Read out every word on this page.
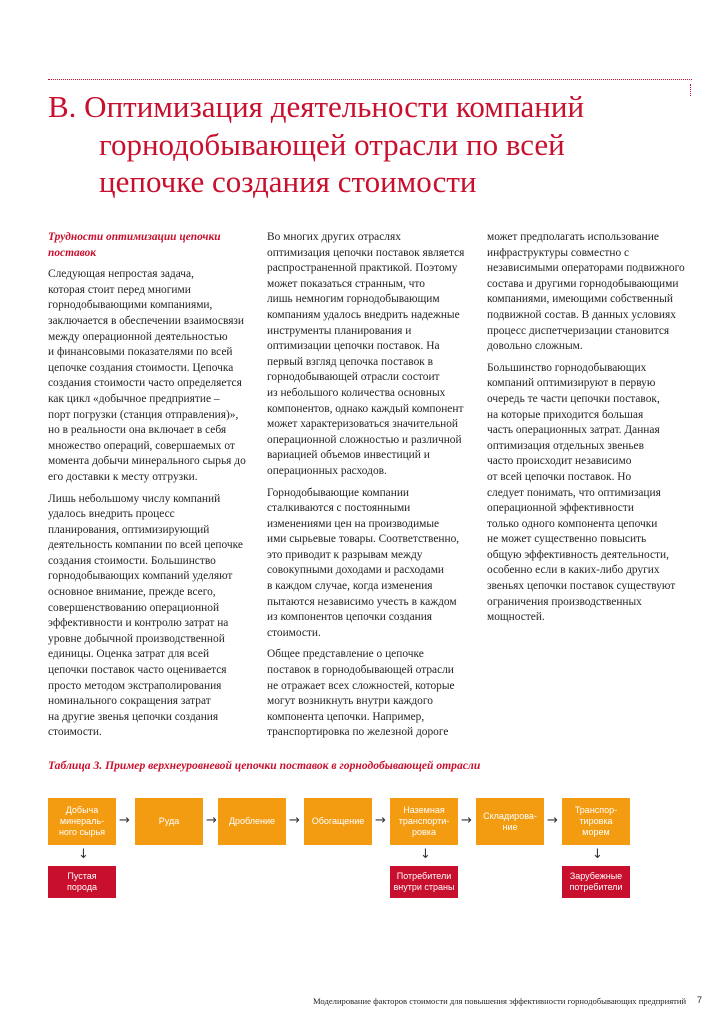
B. Оптимизация деятельности компаний
горнодобывающей отрасли по всей
цепочке создания стоимости

Трудности оптимизации цепочки
поставок

Следующая непростая задача,
которая стоит перед многими
горнодобывающими компаниями,
заключается в обеспечении взаимосвязи
между операционной деятельностью
и финансовыми показателями по всей
цепочке создания стоимости. Цепочка
создания стоимости часто определяется
как цикл «добычное предприятие –
порт погрузки (станция отправления)»,
но в реальности она включает в себя
множество операций, совершаемых от
момента добычи минерального сырья до
его доставки к месту отгрузки.

Лишь небольшому числу компаний
удалось внедрить процесс
планирования, оптимизирующий
деятельность компании по всей цепочке
создания стоимости. Большинство
горнодобывающих компаний уделяют
основное внимание, прежде всего,
совершенствованию операционной
эффективности и контролю затрат на
уровне добычной производственной
единицы. Оценка затрат для всей
цепочки поставок часто оценивается
просто методом экстраполирования
номинального сокращения затрат
на другие звенья цепочки создания
стоимости.

Во многих других отраслях
оптимизация цепочки поставок является
распространенной практикой. Поэтому
может показаться странным, что
лишь немногим горнодобывающим
компаниям удалось внедрить надежные
инструменты планирования и
оптимизации цепочки поставок. На
первый взгляд цепочка поставок в
горнодобывающей отрасли состоит
из небольшого количества основных
компонентов, однако каждый компонент
может характеризоваться значительной
операционной сложностью и различной
вариацией объемов инвестиций и
операционных расходов.

Горнодобывающие компании
сталкиваются с постоянными
изменениями цен на производимые
ими сырьевые товары. Соответственно,
это приводит к разрывам между
совокупными доходами и расходами
в каждом случае, когда изменения
пытаются независимо учесть в каждом
из компонентов цепочки создания
стоимости.

Общее представление о цепочке
поставок в горнодобывающей отрасли
не отражает всех сложностей, которые
могут возникнуть внутри каждого
компонента цепочки. Например,
транспортировка по железной дороге

может предполагать использование
инфраструктуры совместно с
независимыми операторами подвижного
состава и другими горнодобывающими
компаниями, имеющими собственный
подвижной состав. В данных условиях
процесс диспетчеризации становится
довольно сложным.

Большинство горнодобывающих
компаний оптимизируют в первую
очередь те части цепочки поставок,
на которые приходится большая
часть операционных затрат. Данная
оптимизация отдельных звеньев
часто происходит независимо
от всей цепочки поставок. Но
следует понимать, что оптимизация
операционной эффективности
только одного компонента цепочки
не может существенно повысить
общую эффективность деятельности,
особенно если в каких-либо других
звеньях цепочки поставок существуют
ограничения производственных
мощностей.

Таблица 3. Пример верхнеуровневой цепочки поставок в горнодобывающей отрасли

Добыча
минераль-
ного сырья
→	Руда → Дробление → Обогащение →
Наземная
транспорти-
ровка
→ Складирова-
ние	→
Транспор-
тировка
морем
Пустая
порода
↓
Потребители
внутри страны
↓
Зарубежные
потребители
↓

Моделирование факторов стоимости для повышения эффективности горнодобывающих предприятий 7
